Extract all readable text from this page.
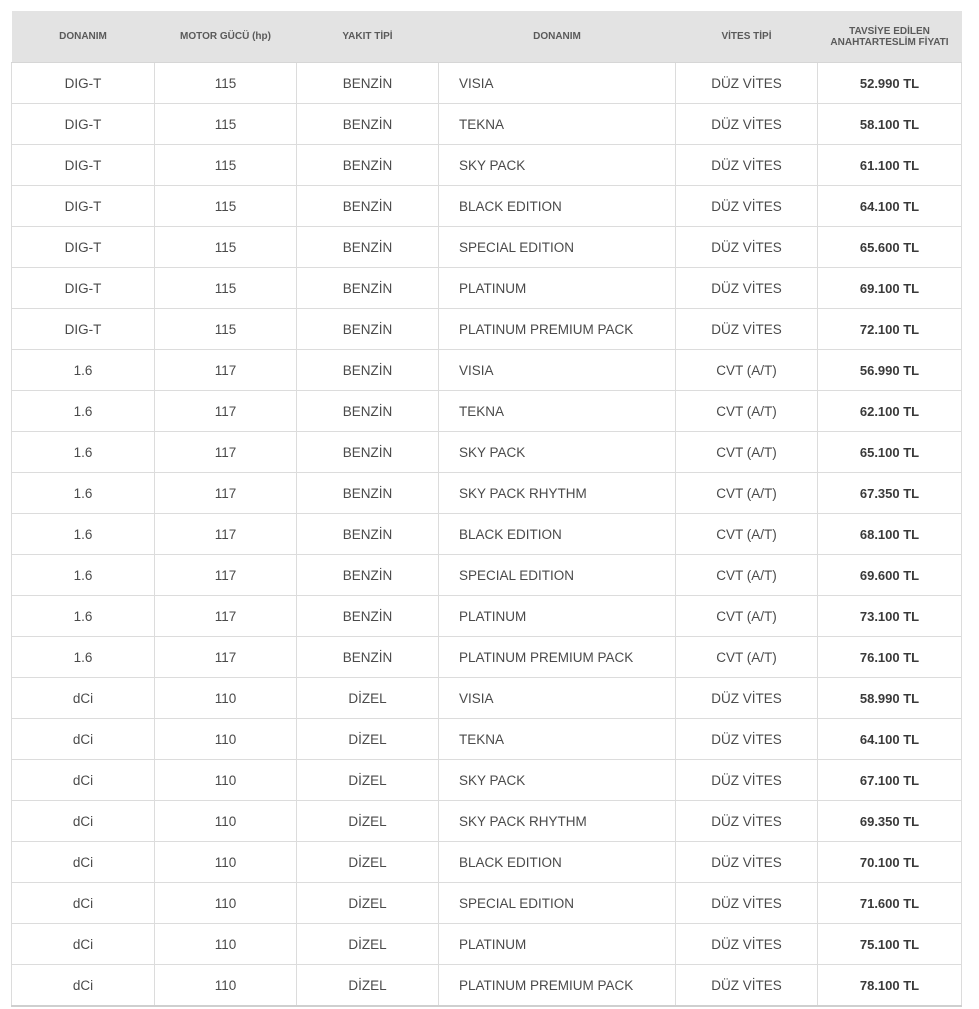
DONANIM	MOTOR GÜCÜ (hp)	YAKIT TİPİ	DONANIM	VİTES TİPİ	TAVSİYE EDİLEN
ANAHTARTESLİM FİYATI
DIG-T	115	BENZİN	VISIA	DÜZ VİTES	52.990 TL
DIG-T	115	BENZİN	TEKNA	DÜZ VİTES	58.100 TL
DIG-T	115	BENZİN	SKY PACK	DÜZ VİTES	61.100 TL
DIG-T	115	BENZİN	BLACK EDITION	DÜZ VİTES	64.100 TL
DIG-T	115	BENZİN	SPECIAL EDITION	DÜZ VİTES	65.600 TL
DIG-T	115	BENZİN	PLATINUM	DÜZ VİTES	69.100 TL
DIG-T	115	BENZİN	PLATINUM PREMIUM PACK	DÜZ VİTES	72.100 TL
1.6	117	BENZİN	VISIA	CVT (A/T)	56.990 TL
1.6	117	BENZİN	TEKNA	CVT (A/T)	62.100 TL
1.6	117	BENZİN	SKY PACK	CVT (A/T)	65.100 TL
1.6	117	BENZİN	SKY PACK RHYTHM	CVT (A/T)	67.350 TL
1.6	117	BENZİN	BLACK EDITION	CVT (A/T)	68.100 TL
1.6	117	BENZİN	SPECIAL EDITION	CVT (A/T)	69.600 TL
1.6	117	BENZİN	PLATINUM	CVT (A/T)	73.100 TL
1.6	117	BENZİN	PLATINUM PREMIUM PACK	CVT (A/T)	76.100 TL
dCi	110	DİZEL	VISIA	DÜZ VİTES	58.990 TL
dCi	110	DİZEL	TEKNA	DÜZ VİTES	64.100 TL
dCi	110	DİZEL	SKY PACK	DÜZ VİTES	67.100 TL
dCi	110	DİZEL	SKY PACK RHYTHM	DÜZ VİTES	69.350 TL
dCi	110	DİZEL	BLACK EDITION	DÜZ VİTES	70.100 TL
dCi	110	DİZEL	SPECIAL EDITION	DÜZ VİTES	71.600 TL
dCi	110	DİZEL	PLATINUM	DÜZ VİTES	75.100 TL
dCi	110	DİZEL	PLATINUM PREMIUM PACK	DÜZ VİTES	78.100 TL
